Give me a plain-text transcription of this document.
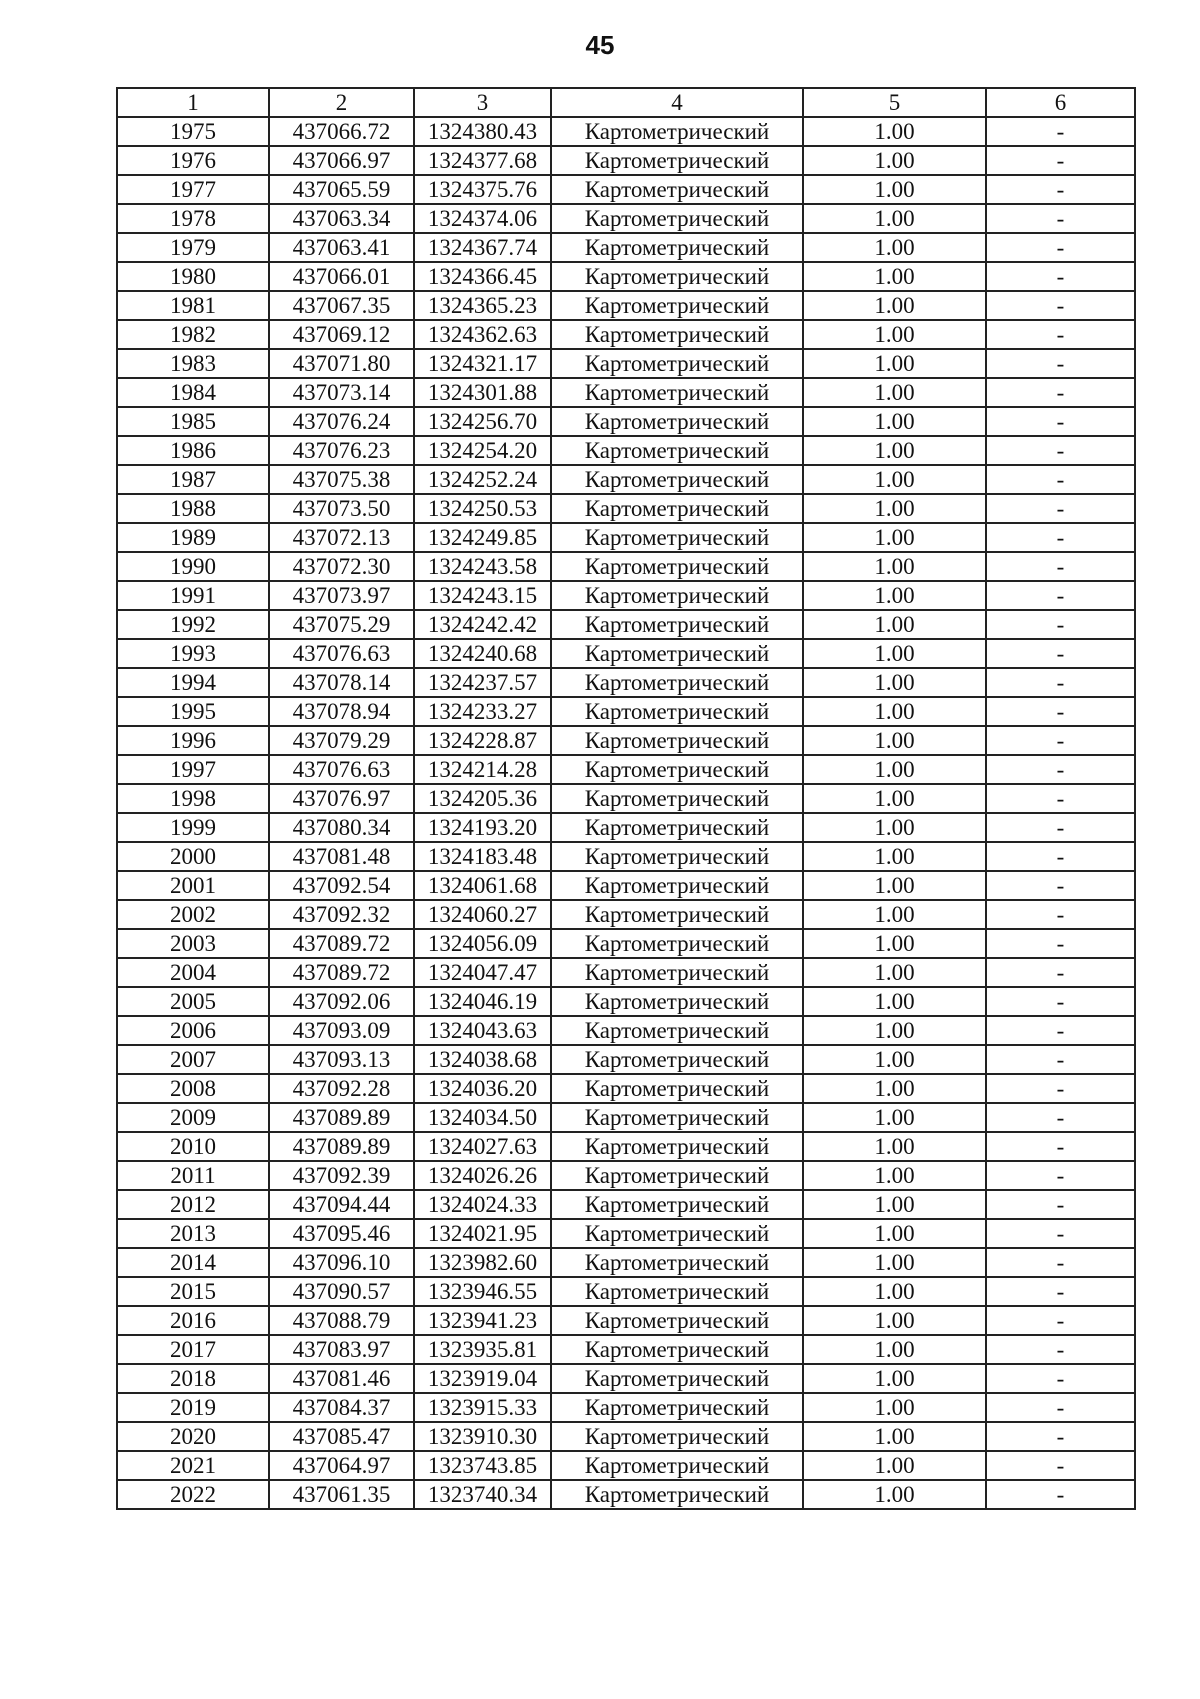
45
1	2	3	4	5	6
1975	437066.72	1324380.43	Картометрический	1.00	-
1976	437066.97	1324377.68	Картометрический	1.00	-
1977	437065.59	1324375.76	Картометрический	1.00	-
1978	437063.34	1324374.06	Картометрический	1.00	-
1979	437063.41	1324367.74	Картометрический	1.00	-
1980	437066.01	1324366.45	Картометрический	1.00	-
1981	437067.35	1324365.23	Картометрический	1.00	-
1982	437069.12	1324362.63	Картометрический	1.00	-
1983	437071.80	1324321.17	Картометрический	1.00	-
1984	437073.14	1324301.88	Картометрический	1.00	-
1985	437076.24	1324256.70	Картометрический	1.00	-
1986	437076.23	1324254.20	Картометрический	1.00	-
1987	437075.38	1324252.24	Картометрический	1.00	-
1988	437073.50	1324250.53	Картометрический	1.00	-
1989	437072.13	1324249.85	Картометрический	1.00	-
1990	437072.30	1324243.58	Картометрический	1.00	-
1991	437073.97	1324243.15	Картометрический	1.00	-
1992	437075.29	1324242.42	Картометрический	1.00	-
1993	437076.63	1324240.68	Картометрический	1.00	-
1994	437078.14	1324237.57	Картометрический	1.00	-
1995	437078.94	1324233.27	Картометрический	1.00	-
1996	437079.29	1324228.87	Картометрический	1.00	-
1997	437076.63	1324214.28	Картометрический	1.00	-
1998	437076.97	1324205.36	Картометрический	1.00	-
1999	437080.34	1324193.20	Картометрический	1.00	-
2000	437081.48	1324183.48	Картометрический	1.00	-
2001	437092.54	1324061.68	Картометрический	1.00	-
2002	437092.32	1324060.27	Картометрический	1.00	-
2003	437089.72	1324056.09	Картометрический	1.00	-
2004	437089.72	1324047.47	Картометрический	1.00	-
2005	437092.06	1324046.19	Картометрический	1.00	-
2006	437093.09	1324043.63	Картометрический	1.00	-
2007	437093.13	1324038.68	Картометрический	1.00	-
2008	437092.28	1324036.20	Картометрический	1.00	-
2009	437089.89	1324034.50	Картометрический	1.00	-
2010	437089.89	1324027.63	Картометрический	1.00	-
2011	437092.39	1324026.26	Картометрический	1.00	-
2012	437094.44	1324024.33	Картометрический	1.00	-
2013	437095.46	1324021.95	Картометрический	1.00	-
2014	437096.10	1323982.60	Картометрический	1.00	-
2015	437090.57	1323946.55	Картометрический	1.00	-
2016	437088.79	1323941.23	Картометрический	1.00	-
2017	437083.97	1323935.81	Картометрический	1.00	-
2018	437081.46	1323919.04	Картометрический	1.00	-
2019	437084.37	1323915.33	Картометрический	1.00	-
2020	437085.47	1323910.30	Картометрический	1.00	-
2021	437064.97	1323743.85	Картометрический	1.00	-
2022	437061.35	1323740.34	Картометрический	1.00	-
